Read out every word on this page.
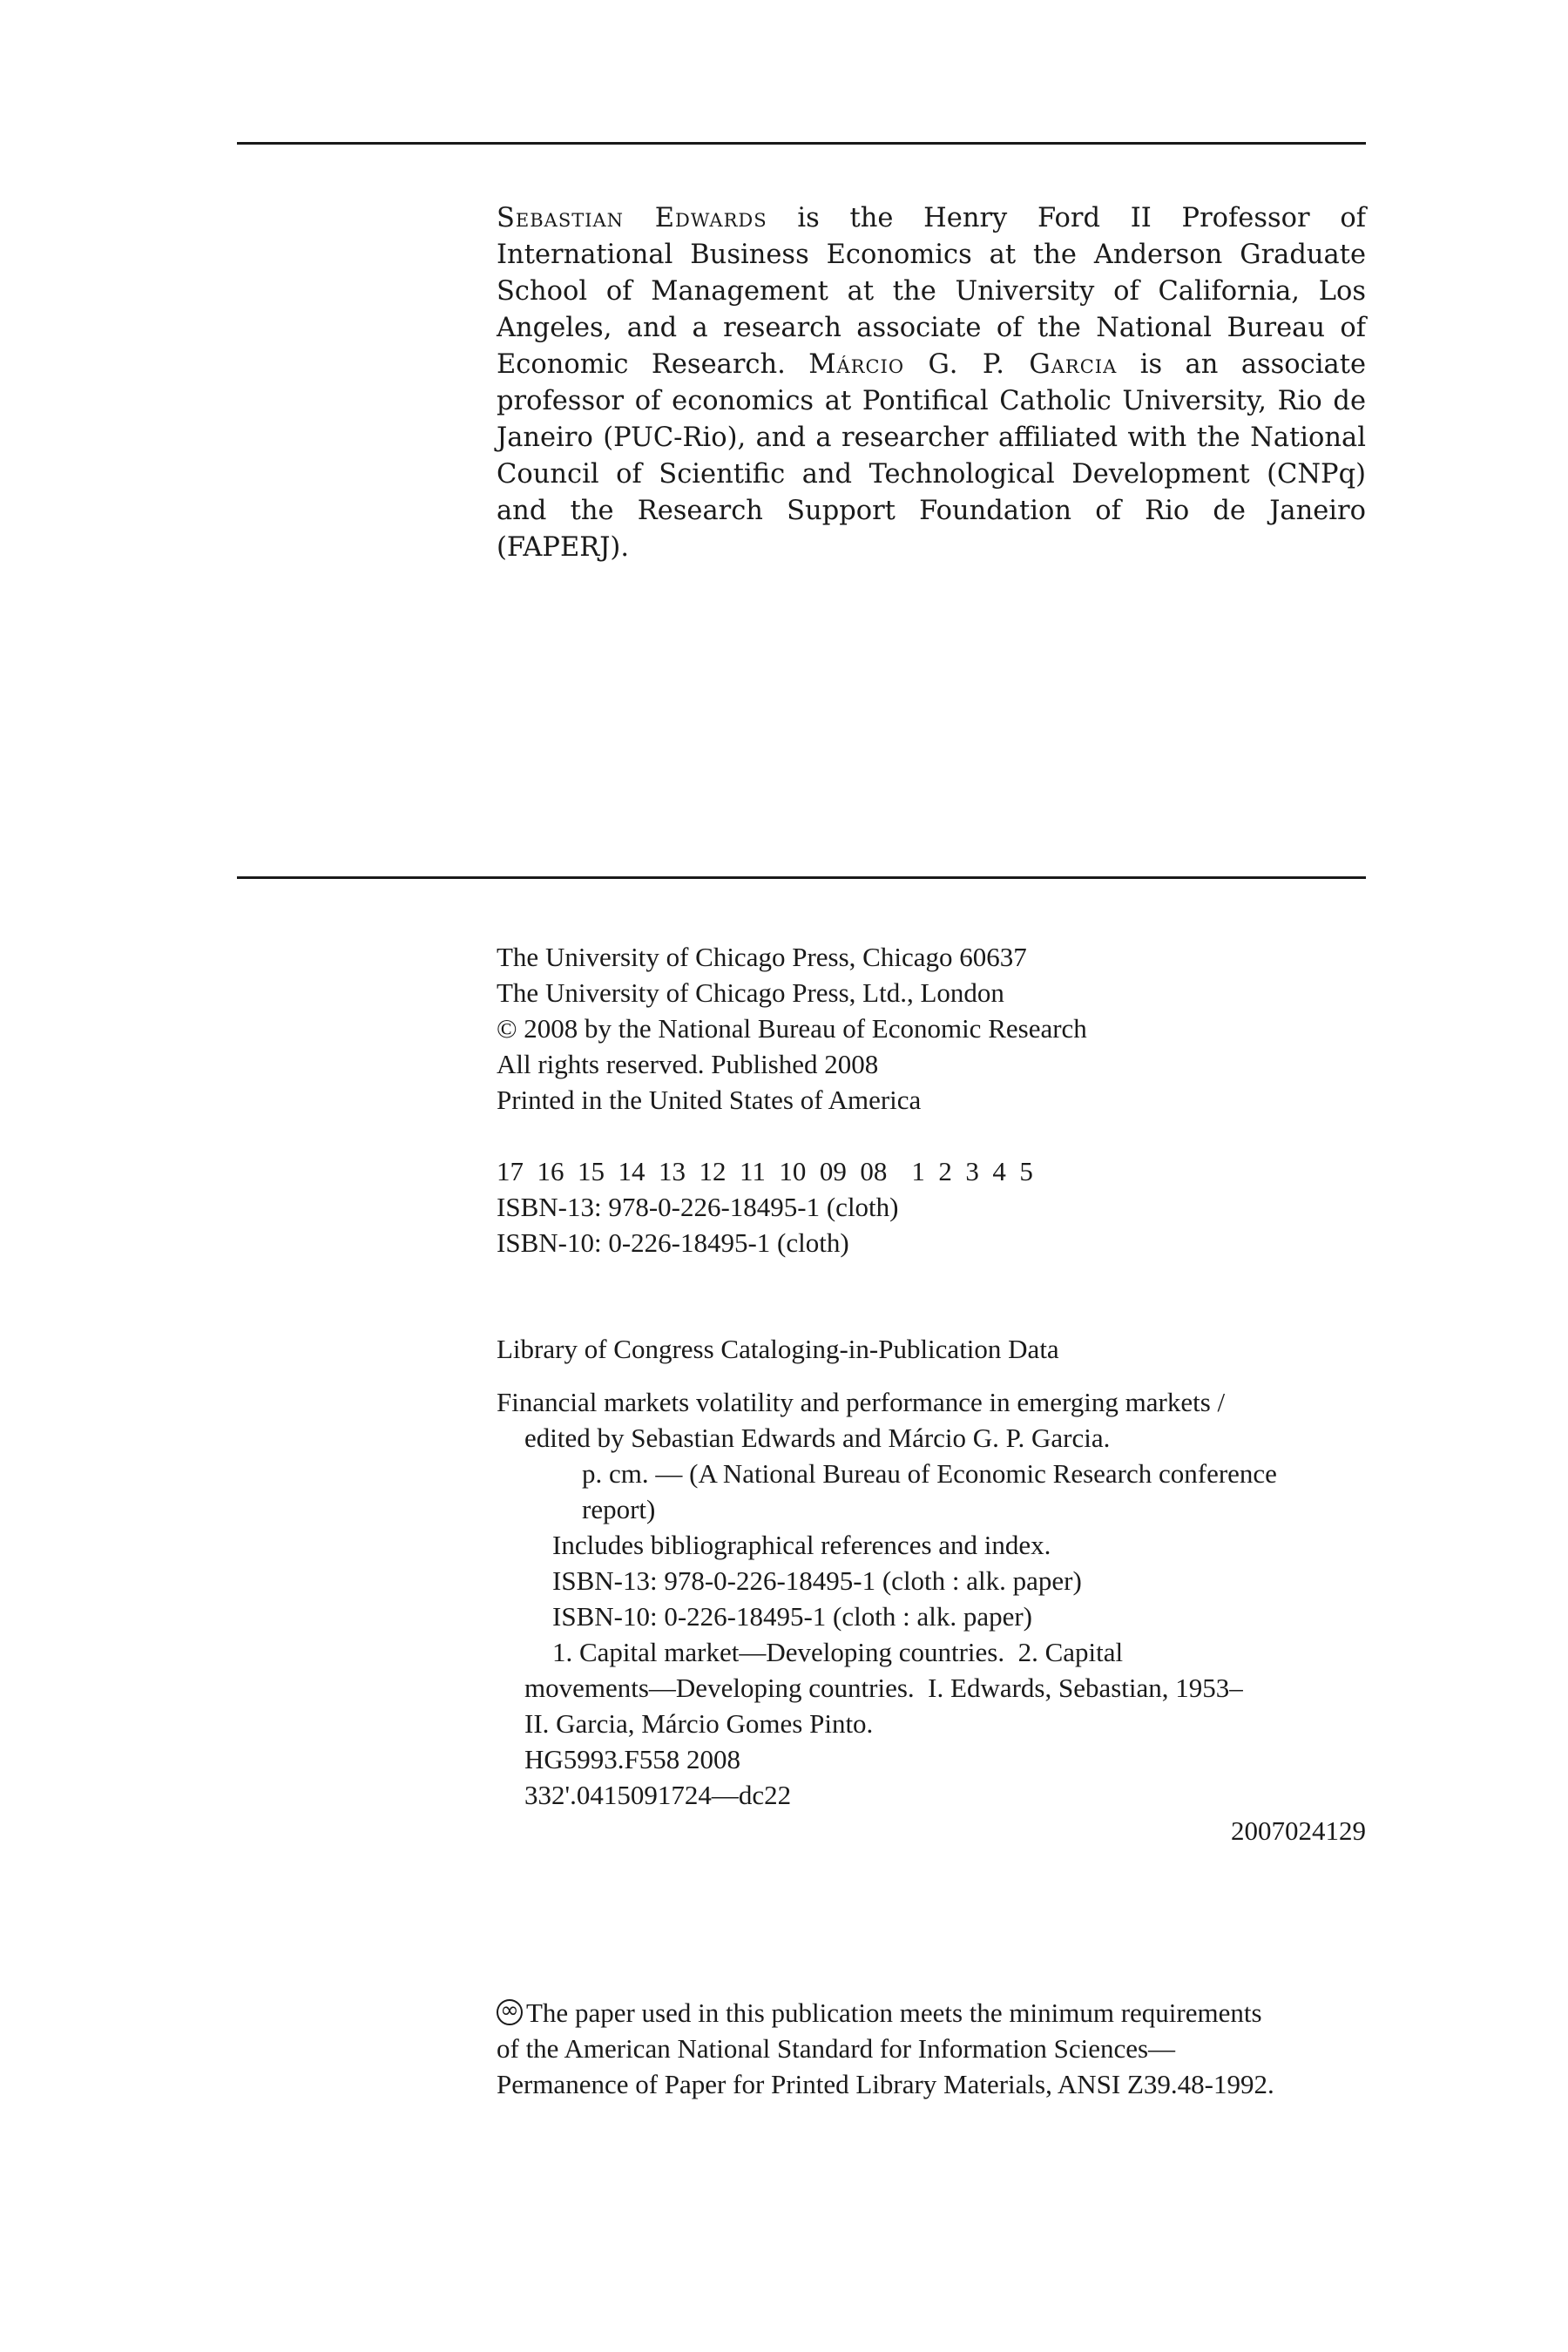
Sebastian Edwards is the Henry Ford II Professor of International Business Economics at the Anderson Graduate School of Management at the University of California, Los Angeles, and a research associate of the National Bureau of Economic Research. Márcio G. P. Garcia is an associate professor of economics at Pontifical Catholic University, Rio de Janeiro (PUC-Rio), and a researcher affiliated with the National Council of Scientific and Technological Development (CNPq) and the Research Support Foundation of Rio de Janeiro (FAPERJ).

The University of Chicago Press, Chicago 60637
The University of Chicago Press, Ltd., London
© 2008 by the National Bureau of Economic Research
All rights reserved. Published 2008
Printed in the United States of America
17  16  15  14  13  12  11  10  09  08 1  2  3  4  5
ISBN-13: 978-0-226-18495-1 (cloth)
ISBN-10: 0-226-18495-1 (cloth)
Library of Congress Cataloging-in-Publication Data
Financial markets volatility and performance in emerging markets /
edited by Sebastian Edwards and Márcio G. P. Garcia.
p. cm. — (A National Bureau of Economic Research conference
report)
Includes bibliographical references and index.
ISBN-13: 978-0-226-18495-1 (cloth : alk. paper)
ISBN-10: 0-226-18495-1 (cloth : alk. paper)
1. Capital market—Developing countries.  2. Capital
movements—Developing countries.  I. Edwards, Sebastian, 1953–
II. Garcia, Márcio Gomes Pinto.
HG5993.F558 2008
332'.0415091724—dc22
2007024129
∞The paper used in this publication meets the minimum requirements
of the American National Standard for Information Sciences—
Permanence of Paper for Printed Library Materials, ANSI Z39.48-1992.
